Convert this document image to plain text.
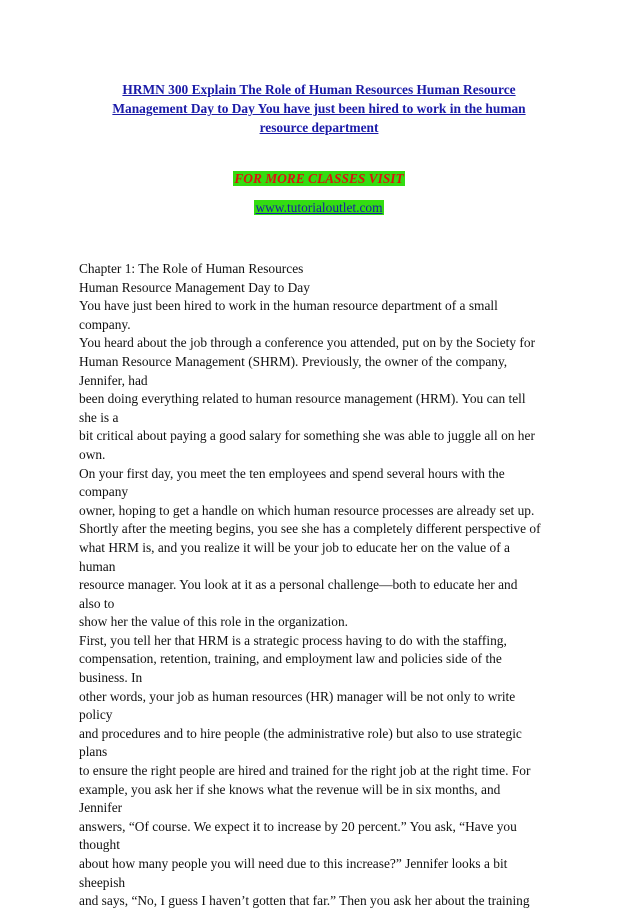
HRMN 300 Explain The Role of Human Resources Human Resource
Management Day to Day You have just been hired to work in the human
resource department
FOR MORE CLASSES VISIT
www.tutorialoutlet.com
Chapter 1: The Role of Human Resources
Human Resource Management Day to Day
You have just been hired to work in the human resource department of a small
company.
You heard about the job through a conference you attended, put on by the Society for
Human Resource Management (SHRM). Previously, the owner of the company,
Jennifer, had
been doing everything related to human resource management (HRM). You can tell
she is a
bit critical about paying a good salary for something she was able to juggle all on her
own.
On your first day, you meet the ten employees and spend several hours with the
company
owner, hoping to get a handle on which human resource processes are already set up.
Shortly after the meeting begins, you see she has a completely different perspective of
what HRM is, and you realize it will be your job to educate her on the value of a
human
resource manager. You look at it as a personal challenge—both to educate her and
also to
show her the value of this role in the organization.
First, you tell her that HRM is a strategic process having to do with the staffing,
compensation, retention, training, and employment law and policies side of the
business. In
other words, your job as human resources (HR) manager will be not only to write
policy
and procedures and to hire people (the administrative role) but also to use strategic
plans
to ensure the right people are hired and trained for the right job at the right time. For
example, you ask her if she knows what the revenue will be in six months, and
Jennifer
answers, “Of course. We expect it to increase by 20 percent.” You ask, “Have you
thought
about how many people you will need due to this increase?” Jennifer looks a bit
sheepish
and says, “No, I guess I haven’t gotten that far.” Then you ask her about the training
